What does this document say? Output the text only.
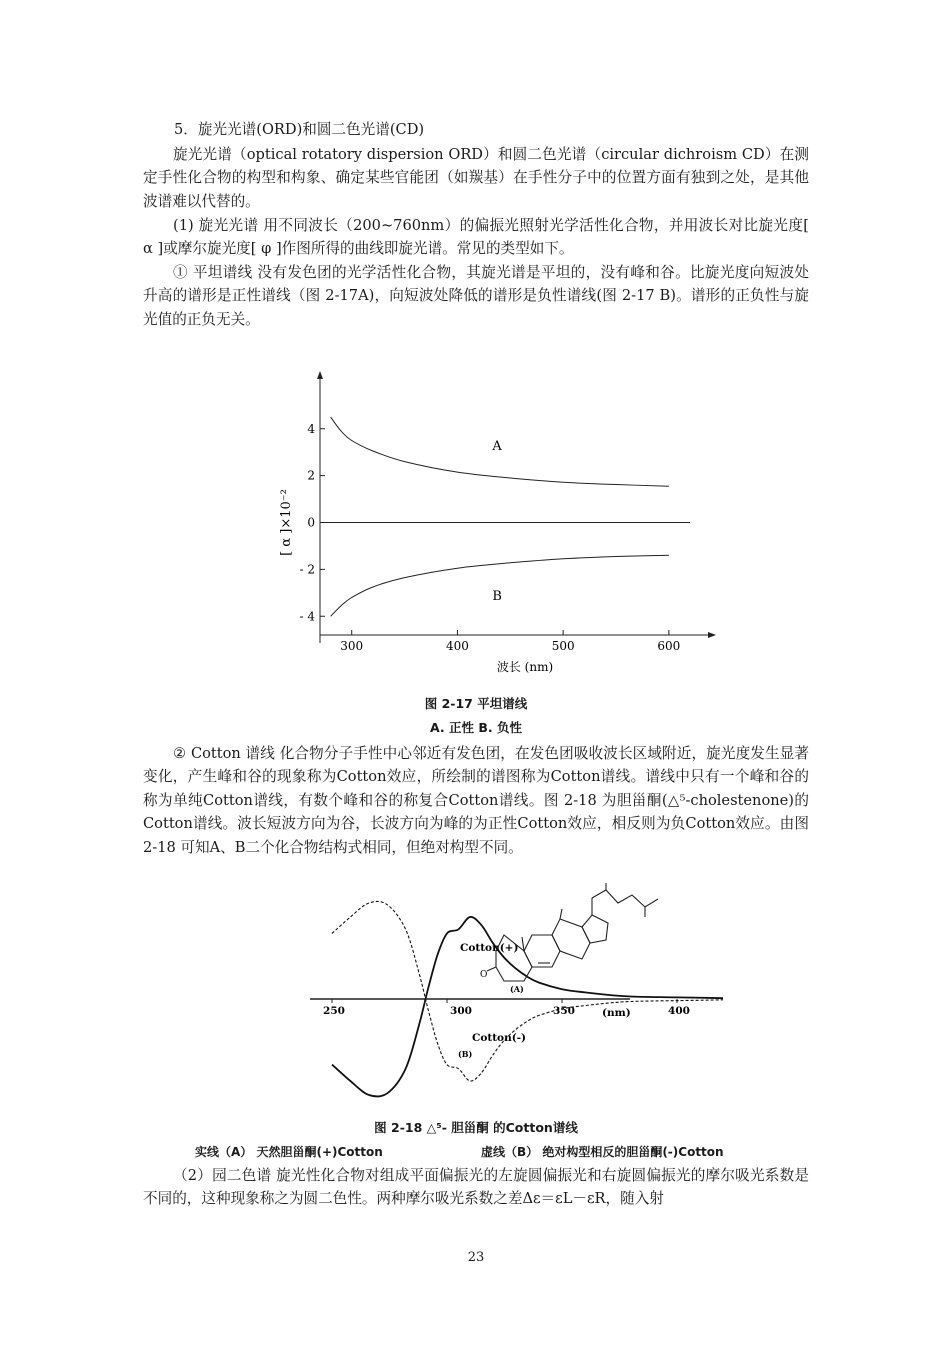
5．旋光光谱(ORD)和圆二色光谱(CD)

旋光光谱（optical rotatory dispersion ORD）和圆二色光谱（circular dichroism CD）在测定手性化合物的构型和构象、确定某些官能团（如羰基）在手性分子中的位置方面有独到之处，是其他波谱难以代替的。

(1) 旋光光谱 用不同波长（200~760nm）的偏振光照射光学活性化合物，并用波长对比旋光度[ α ]或摩尔旋光度[ φ ]作图所得的曲线即旋光谱。常见的类型如下。

① 平坦谱线 没有发色团的光学活性化合物，其旋光谱是平坦的，没有峰和谷。比旋光度向短波处升高的谱形是正性谱线（图 2-17A)，向短波处降低的谱形是负性谱线(图 2-17 B)。谱形的正负性与旋光值的正负无关。

4
2
0
- 2
- 4
300	400	500	600
波长 (nm)
[ α ]×10⁻²
A
B

图 2-17 平坦谱线

A. 正性 B. 负性

② Cotton 谱线 化合物分子手性中心邻近有发色团，在发色团吸收波长区域附近，旋光度发生显著变化，产生峰和谷的现象称为Cotton效应，所绘制的谱图称为Cotton谱线。谱线中只有一个峰和谷的称为单纯Cotton谱线，有数个峰和谷的称复合Cotton谱线。图 2-18 为胆甾酮(△⁵-cholestenone)的Cotton谱线。波长短波方向为谷，长波方向为峰的为正性Cotton效应，相反则为负Cotton效应。由图 2-18 可知A、B二个化合物结构式相同，但绝对构型不同。

250	300	350	400
(nm)
Cotton(+)
(A)
Cotton(-)
(B)
O

图 2-18 △⁵- 胆甾酮 的Cotton谱线

实线（A） 天然胆甾酮(+)Cotton	虚线（B） 绝对构型相反的胆甾酮(-)Cotton

（2）园二色谱 旋光性化合物对组成平面偏振光的左旋圆偏振光和右旋圆偏振光的摩尔吸光系数是不同的，这种现象称之为圆二色性。两种摩尔吸光系数之差Δε＝εL－εR，随入射

23
